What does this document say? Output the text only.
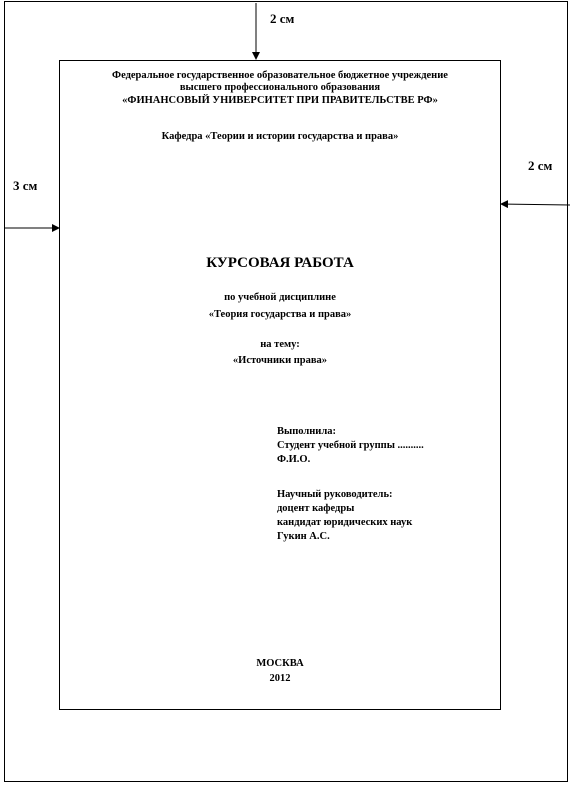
2 см
2 см
3 см
Федеральное государственное образовательное бюджетное учреждение
высшего профессионального образования
«ФИНАНСОВЫЙ УНИВЕРСИТЕТ ПРИ ПРАВИТЕЛЬСТВЕ РФ»
Кафедра «Теории и истории государства и права»
КУРСОВАЯ РАБОТА
по учебной дисциплине
«Теория государства и права»
на тему:
«Источники права»
Выполнила:
Студент учебной группы ..........
Ф.И.О.
Научный руководитель:
доцент кафедры
кандидат юридических наук
Гукин А.С.
МОСКВА
2012
